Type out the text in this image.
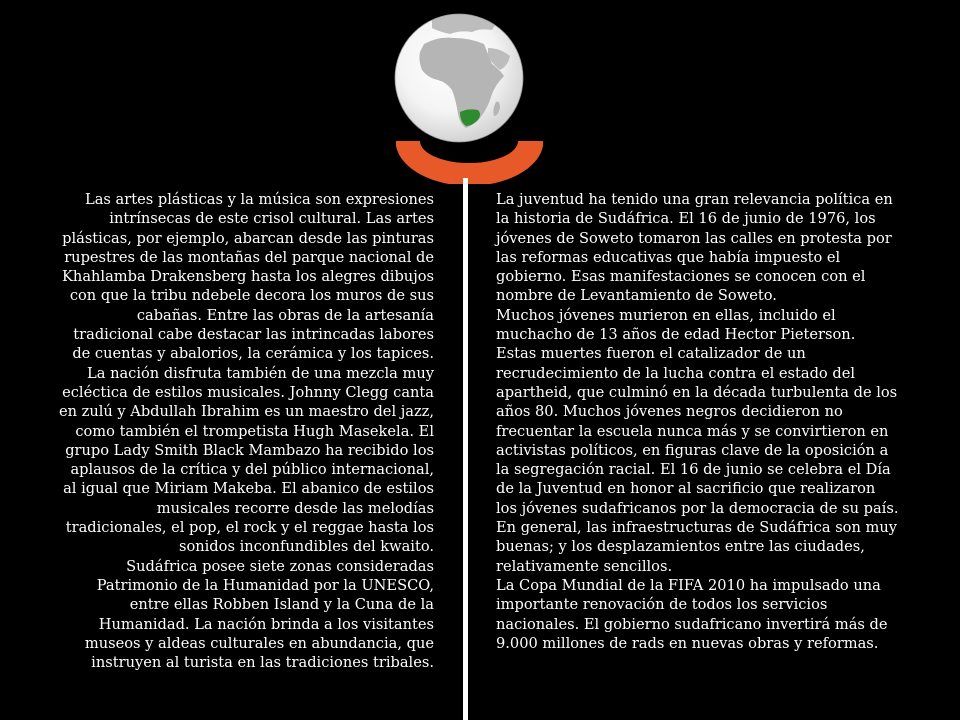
Las artes plásticas y la música son expresiones intrínsecas de este crisol cultural. Las artes plásticas, por ejemplo, abarcan desde las pinturas rupestres de las montañas del parque nacional de Khahlamba Drakensberg hasta los alegres dibujos con que la tribu ndebele decora los muros de sus cabañas. Entre las obras de la artesanía tradicional cabe destacar las intrincadas labores de cuentas y abalorios, la cerámica y los tapices.

La nación disfruta también de una mezcla muy ecléctica de estilos musicales. Johnny Clegg canta en zulú y Abdullah Ibrahim es un maestro del jazz, como también el trompetista Hugh Masekela. El grupo Lady Smith Black Mambazo ha recibido los aplausos de la crítica y del público internacional, al igual que Miriam Makeba. El abanico de estilos musicales recorre desde las melodías tradicionales, el pop, el rock y el reggae hasta los sonidos inconfundibles del kwaito.

Sudáfrica posee siete zonas consideradas Patrimonio de la Humanidad por la UNESCO, entre ellas Robben Island y la Cuna de la Humanidad. La nación brinda a los visitantes museos y aldeas culturales en abundancia, que instruyen al turista en las tradiciones tribales.

La juventud ha tenido una gran relevancia política en la historia de Sudáfrica. El 16 de junio de 1976, los jóvenes de Soweto tomaron las calles en protesta por las reformas educativas que había impuesto el gobierno. Esas manifestaciones se conocen con el nombre de Levantamiento de Soweto.

Muchos jóvenes murieron en ellas, incluido el muchacho de 13 años de edad Hector Pieterson. Estas muertes fueron el catalizador de un recrudecimiento de la lucha contra el estado del apartheid, que culminó en la década turbulenta de los años 80. Muchos jóvenes negros decidieron no frecuentar la escuela nunca más y se convirtieron en activistas políticos, en figuras clave de la oposición a la segregación racial. El 16 de junio se celebra el Día de la Juventud en honor al sacrificio que realizaron los jóvenes sudafricanos por la democracia de su país.

En general, las infraestructuras de Sudáfrica son muy buenas; y los desplazamientos entre las ciudades, relativamente sencillos.

La Copa Mundial de la FIFA 2010 ha impulsado una importante renovación de todos los servicios nacionales. El gobierno sudafricano invertirá más de 9.000 millones de rads en nuevas obras y reformas.
